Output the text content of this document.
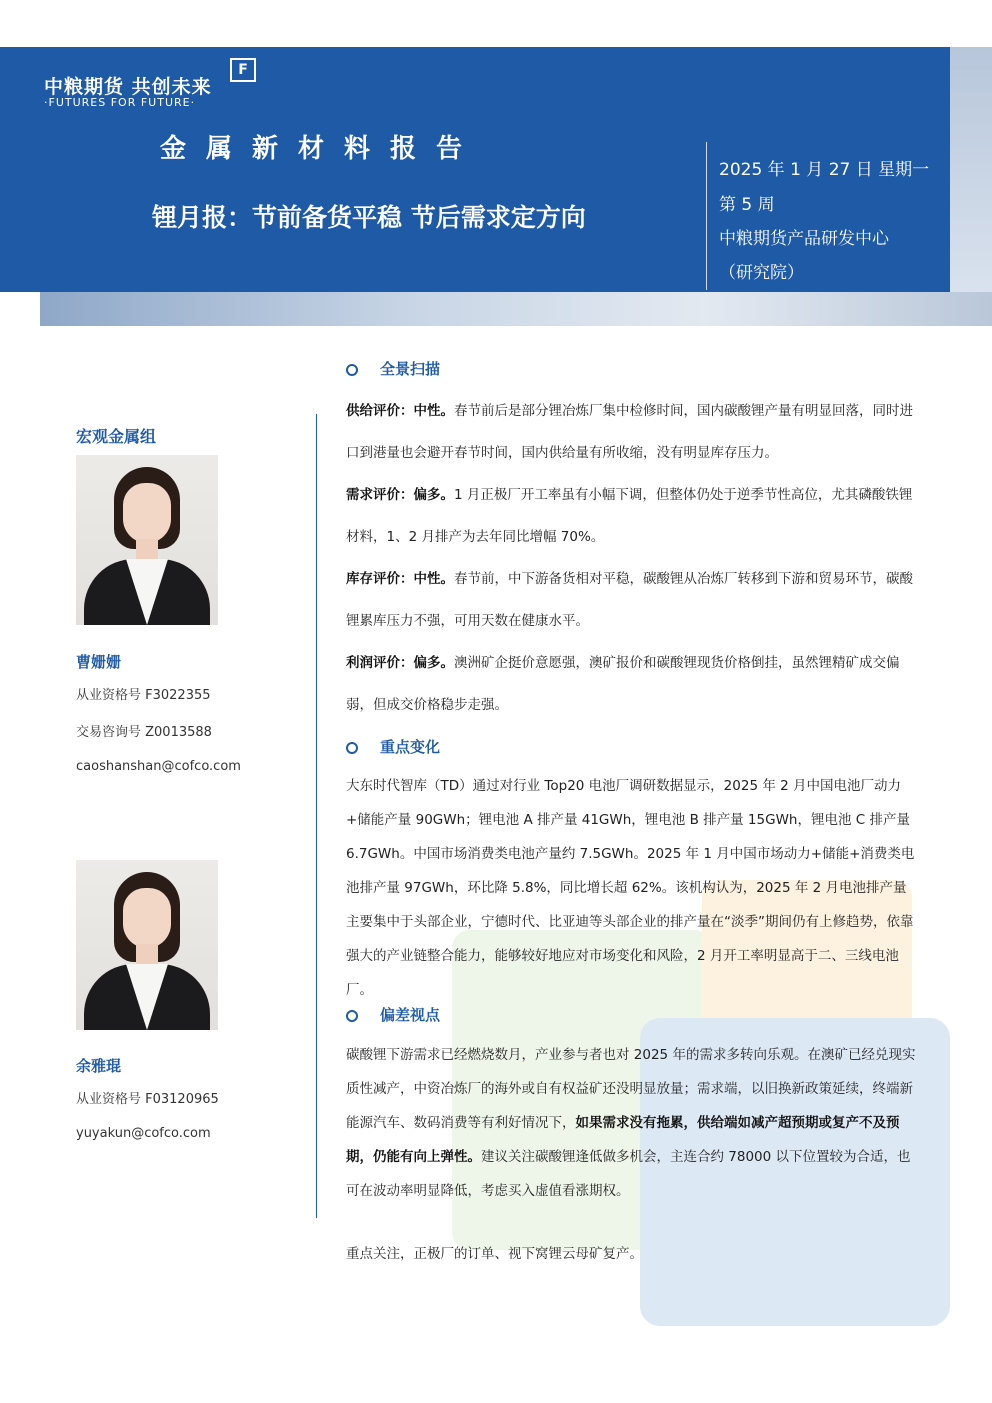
中粮期货 共创未来
·FUTURES FOR FUTURE·
F
金属新材料报告
锂月报：节前备货平稳 节后需求定方向
2025 年 1 月 27 日 星期一
第 5 周
中粮期货产品研发中心
（研究院）
宏观金属组
曹姗姗
从业资格号 F3022355
交易咨询号 Z0013588
caoshanshan@cofco.com
余雅琨
从业资格号 F03120965
yuyakun@cofco.com
全景扫描
供给评价：中性。春节前后是部分锂冶炼厂集中检修时间，国内碳酸锂产量有明显回落，同时进口到港量也会避开春节时间，国内供给量有所收缩，没有明显库存压力。
需求评价：偏多。1 月正极厂开工率虽有小幅下调，但整体仍处于逆季节性高位，尤其磷酸铁锂材料，1、2 月排产为去年同比增幅 70%。
库存评价：中性。春节前，中下游备货相对平稳，碳酸锂从冶炼厂转移到下游和贸易环节，碳酸锂累库压力不强，可用天数在健康水平。
利润评价：偏多。澳洲矿企挺价意愿强，澳矿报价和碳酸锂现货价格倒挂，虽然锂精矿成交偏弱，但成交价格稳步走强。
重点变化
大东时代智库（TD）通过对行业 Top20 电池厂调研数据显示，2025 年 2 月中国电池厂动力+储能产量 90GWh；锂电池 A 排产量 41GWh，锂电池 B 排产量 15GWh，锂电池 C 排产量 6.7GWh。中国市场消费类电池产量约 7.5GWh。2025 年 1 月中国市场动力+储能+消费类电池排产量 97GWh，环比降 5.8%，同比增长超 62%。该机构认为，2025 年 2 月电池排产量主要集中于头部企业，宁德时代、比亚迪等头部企业的排产量在“淡季”期间仍有上修趋势，依靠强大的产业链整合能力，能够较好地应对市场变化和风险，2 月开工率明显高于二、三线电池厂。
偏差视点
碳酸锂下游需求已经燃烧数月，产业参与者也对 2025 年的需求多转向乐观。在澳矿已经兑现实质性减产，中资冶炼厂的海外或自有权益矿还没明显放量；需求端，以旧换新政策延续，终端新能源汽车、数码消费等有利好情况下，如果需求没有拖累，供给端如减产超预期或复产不及预期，仍能有向上弹性。建议关注碳酸锂逢低做多机会，主连合约 78000 以下位置较为合适，也可在波动率明显降低，考虑买入虚值看涨期权。
重点关注，正极厂的订单、视下窝锂云母矿复产。
